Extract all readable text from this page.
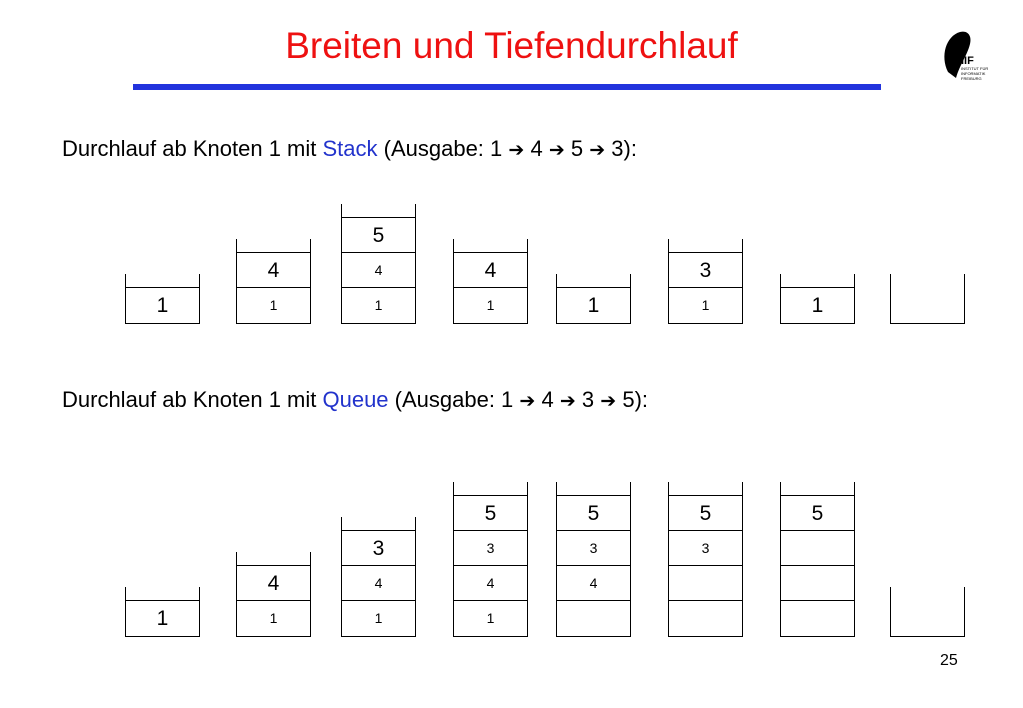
Breiten und Tiefendurchlauf	IIF
INSTITUT FÜR
INFORMATIK
FREIBURG
Durchlauf ab Knoten 1 mit Stack (Ausgabe: 1 ➔ 4 ➔ 5 ➔ 3):
Durchlauf ab Knoten 1 mit Queue (Ausgabe: 1 ➔ 4 ➔ 3 ➔ 5):
1	1
4
1
4
5
1
4
1	1
3
1
1	1
4
1
4
3
1
4
3
5
4
3
5
3
5	5
25
